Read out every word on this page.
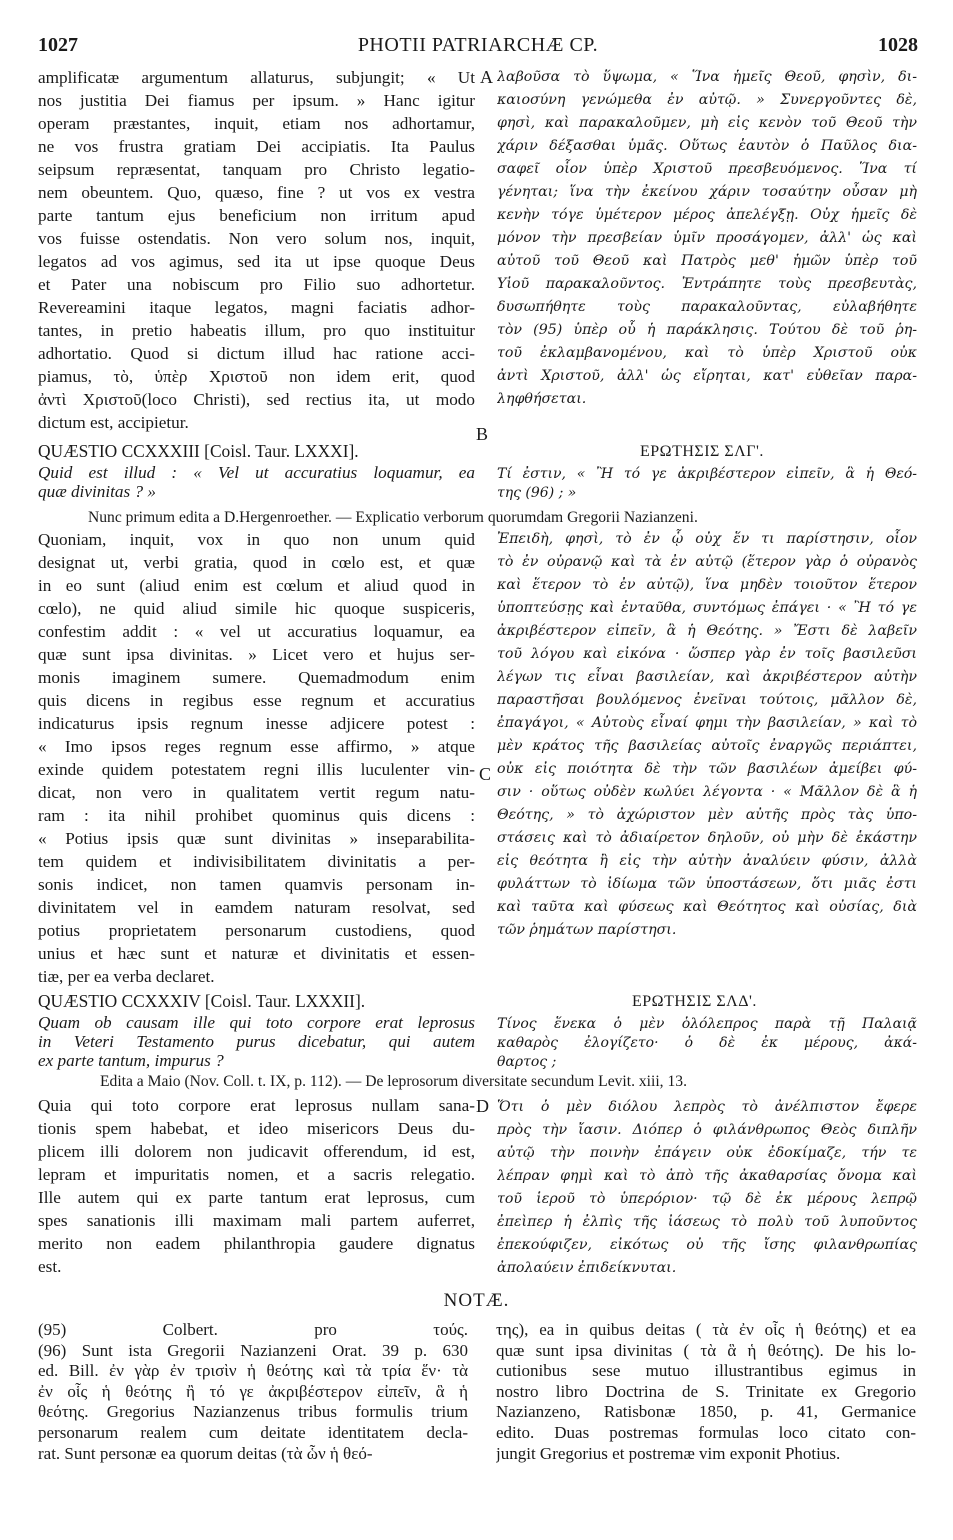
1027	PHOTII PATRIARCHÆ CP.	1028
amplificatæ argumentum allaturus, subjungit; « Ut
nos justitia Dei fiamus per ipsum. » Hanc igitur
operam præstantes, inquit, etiam nos adhortamur,
ne vos frustra gratiam Dei accipiatis. Ita Paulus
seipsum repræsentat, tanquam pro Christo legatio-
nem obeuntem. Quo, quæso, fine ? ut vos ex vestra
parte tantum ejus beneficium non irritum apud
vos fuisse ostendatis. Non vero solum nos, inquit,
legatos ad vos agimus, sed ita ut ipse quoque Deus
et Pater una nobiscum pro Filio suo adhortetur.
Revereamini itaque legatos, magni faciatis adhor-
tantes, in pretio habeatis illum, pro quo instituitur
adhortatio. Quod si dictum illud hac ratione acci-
piamus, τὸ, ὑπὲρ Χριστοῦ non idem erit, quod
ἀντὶ Χριστοῦ(loco Christi), sed rectius ita, ut modo
dictum est, accipietur.
λαβοῦσα τὸ ὕψωμα, « Ἵνα ἡμεῖς Θεοῦ, φησὶν, δι-
καιοσύνη γενώμεθα ἐν αὐτῷ. » Συνεργοῦντες δὲ,
φησὶ, καὶ παρακαλοῦμεν, μὴ εἰς κενὸν τοῦ Θεοῦ τὴν
χάριν δέξασθαι ὑμᾶς. Οὕτως ἑαυτὸν ὁ Παῦλος δια-
σαφεῖ οἷον ὑπὲρ Χριστοῦ πρεσβευόμενος. Ἵνα τί
γένηται; ἵνα τὴν ἐκείνου χάριν τοσαύτην οὖσαν μὴ
κενὴν τόγε ὑμέτερον μέρος ἀπελέγξῃ. Οὐχ ἡμεῖς δὲ
μόνον τὴν πρεσβείαν ὑμῖν προσάγομεν, ἀλλ' ὡς καὶ
αὐτοῦ τοῦ Θεοῦ καὶ Πατρὸς μεθ' ἡμῶν ὑπὲρ τοῦ
Υἱοῦ παρακαλοῦντος. Ἐντράπητε τοὺς πρεσβευτὰς,
δυσωπήθητε τοὺς παρακαλοῦντας, εὐλαβήθητε
τὸν (95) ὑπὲρ οὗ ἡ παράκλησις. Τούτου δὲ τοῦ ῥη-
τοῦ ἐκλαμβανομένου, καὶ τὸ ὑπὲρ Χριστοῦ οὐκ
ἀντὶ Χριστοῦ, ἀλλ' ὡς εἴρηται, κατ' εὐθεῖαν παρα-
ληφθήσεται.
A
B
QUÆSTIO CCXXXIII [Coisl. Taur. LXXXI].	ΕΡΩΤΗΣΙΣ ΣΛΓ'.
Quid est illud : « Vel ut accuratius loquamur, ea
quæ divinitas ? »
Τί ἐστιν, « Ἢ τό γε ἀκριβέστερον εἰπεῖν, ἃ ἡ Θεό-
της (96) ; »
Nunc primum edita a D.Hergenroether. — Explicatio verborum quorumdam Gregorii Nazianzeni.
Quoniam, inquit, vox in quo non unum quid
designat ut, verbi gratia, quod in cœlo est, et quæ
in eo sunt (aliud enim est cœlum et aliud quod in
cœlo), ne quid aliud simile hic quoque suspiceris,
confestim addit : « vel ut accuratius loquamur, ea
quæ sunt ipsa divinitas. » Licet vero et hujus ser-
monis imaginem sumere. Quemadmodum enim
quis dicens in regibus esse regnum et accuratius
indicaturus ipsis regnum inesse adjicere potest :
« Imo ipsos reges regnum esse affirmo, » atque
exinde quidem potestatem regni illis luculenter vin-
dicat, non vero in qualitatem vertit regum natu-
ram : ita nihil prohibet quominus quis dicens :
« Potius ipsis quæ sunt divinitas » inseparabilita-
tem quidem et indivisibilitatem divinitatis a per-
sonis indicet, non tamen quamvis personam in-
divinitatem vel in eamdem naturam resolvat, sed
potius proprietatem personarum custodiens, quod
unius et hæc sunt et naturæ et divinitatis et essen-
tiæ, per ea verba declaret.
Ἐπειδὴ, φησὶ, τὸ ἐν ᾧ οὐχ ἕν τι παρίστησιν, οἷον
τὸ ἐν οὐρανῷ καὶ τὰ ἐν αὐτῷ (ἕτερον γὰρ ὁ οὐρανὸς
καὶ ἕτερον τὸ ἐν αὐτῷ), ἵνα μηδὲν τοιοῦτον ἕτερον
ὑποπτεύσῃς καὶ ἐνταῦθα, συντόμως ἐπάγει · « Ἢ τό γε
ἀκριβέστερον εἰπεῖν, ἃ ἡ Θεότης. » Ἔστι δὲ λαβεῖν
τοῦ λόγου καὶ εἰκόνα · ὥσπερ γὰρ ἐν τοῖς βασιλεῦσι
λέγων τις εἶναι βασιλείαν, καὶ ἀκριβέστερον αὐτὴν
παραστῆσαι βουλόμενος ἐνεῖναι τούτοις, μᾶλλον δὲ,
ἐπαγάγοι, « Αὐτοὺς εἶναί φημι τὴν βασιλείαν, » καὶ τὸ
μὲν κράτος τῆς βασιλείας αὐτοῖς ἐναργῶς περιάπτει,
οὐκ εἰς ποιότητα δὲ τὴν τῶν βασιλέων ἀμείβει φύ-
σιν · οὕτως οὐδὲν κωλύει λέγοντα · « Μᾶλλον δὲ ἃ ἡ
Θεότης, » τὸ ἀχώριστον μὲν αὐτῆς πρὸς τὰς ὑπο-
στάσεις καὶ τὸ ἀδιαίρετον δηλοῦν, οὐ μὴν δὲ ἑκάστην
εἰς θεότητα ἢ εἰς τὴν αὐτὴν ἀναλύειν φύσιν, ἀλλὰ
φυλάττων τὸ ἰδίωμα τῶν ὑποστάσεων, ὅτι μιᾶς ἐστι
καὶ ταῦτα καὶ φύσεως καὶ Θεότητος καὶ οὐσίας, διὰ
τῶν ῥημάτων παρίστησι.
C
QUÆSTIO CCXXXIV [Coisl. Taur. LXXXII].	ΕΡΩΤΗΣΙΣ ΣΛΔ'.
Quam ob causam ille qui toto corpore erat leprosus
in Veteri Testamento purus dicebatur, qui autem
ex parte tantum, impurus ?
Τίνος ἕνεκα ὁ μὲν ὁλόλεπρος παρὰ τῇ Παλαιᾷ
καθαρὸς ἐλογίζετο· ὁ δὲ ἐκ μέρους, ἀκά-
θαρτος ;
Edita a Maio (Nov. Coll. t. IX, p. 112). — De leprosorum diversitate secundum Levit. xiii, 13.
Quia qui toto corpore erat leprosus nullam sana-
tionis spem habebat, et ideo misericors Deus du-
plicem illi dolorem non judicavit offerendum, id est,
lepram et impuritatis nomen, et a sacris relegatio.
Ille autem qui ex parte tantum erat leprosus, cum
spes sanationis illi maximam mali partem auferret,
merito non eadem philanthropia gaudere dignatus
est.
Ὅτι ὁ μὲν διόλου λεπρὸς τὸ ἀνέλπιστον ἔφερε
πρὸς τὴν ἴασιν. Διόπερ ὁ φιλάνθρωπος Θεὸς διπλῆν
αὐτῷ τὴν ποινὴν ἐπάγειν οὐκ ἐδοκίμαζε, τήν τε
λέπραν φημὶ καὶ τὸ ἀπὸ τῆς ἀκαθαρσίας ὄνομα καὶ
τοῦ ἱεροῦ τὸ ὑπερόριον· τῷ δὲ ἐκ μέρους λεπρῷ
ἐπεὶπερ ἡ ἐλπὶς τῆς ἰάσεως τὸ πολὺ τοῦ λυποῦντος
ἐπεκούφιζεν, εἰκότως οὐ τῆς ἴσης φιλανθρωπίας
ἀπολαύειν ἐπιδείκνυται.
D
NOTÆ.
(95) Colbert. pro τούς.
(96) Sunt ista Gregorii Nazianzeni Orat. 39 p. 630
ed. Bill. ἐν γὰρ ἐν τρισὶν ἡ θεότης καὶ τὰ τρία ἕν· τὰ
ἐν οἷς ἡ θεότης ἢ τό γε ἀκριβέστερον εἰπεῖν, ἃ ἡ
θεότης. Gregorius Nazianzenus tribus formulis trium
personarum realem cum deitate identitatem decla-
rat. Sunt personæ ea quorum deitas (τὰ ὧν ἡ θεό-
της), ea in quibus deitas ( τὰ ἐν οἷς ἡ θεότης) et ea
quæ sunt ipsa divinitas ( τὰ ἃ ἡ θεότης). De his lo-
cutionibus sese mutuo illustrantibus egimus in
nostro libro Doctrina de S. Trinitate ex Gregorio
Nazianzeno, Ratisbonæ 1850, p. 41, Germanice
edito. Duas postremas formulas loco citato con-
jungit Gregorius et postremæ vim exponit Photius.
